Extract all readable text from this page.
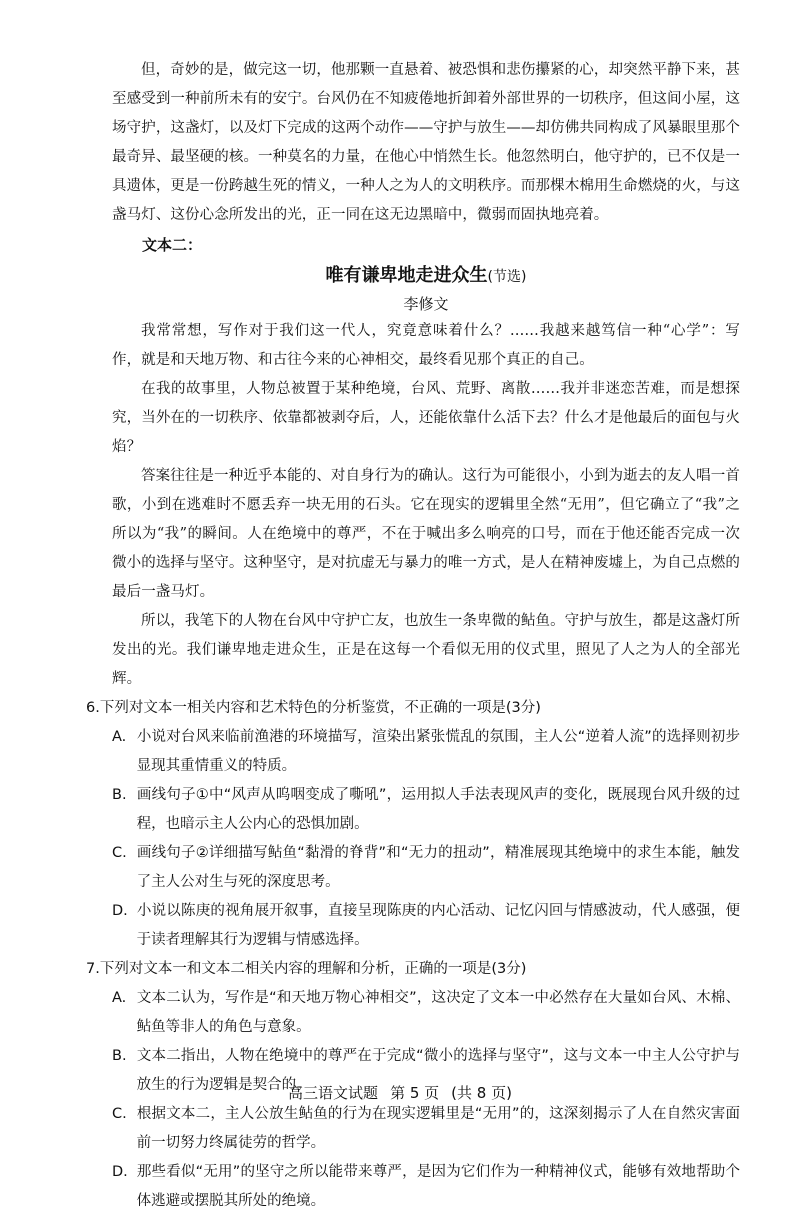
但，奇妙的是，做完这一切，他那颗一直悬着、被恐惧和悲伤攥紧的心，却突然平静下来，甚至感受到一种前所未有的安宁。台风仍在不知疲倦地折卸着外部世界的一切秩序，但这间小屋，这场守护，这盏灯，以及灯下完成的这两个动作——守护与放生——却仿佛共同构成了风暴眼里那个最奇异、最坚硬的核。一种莫名的力量，在他心中悄然生长。他忽然明白，他守护的，已不仅是一具遗体，更是一份跨越生死的情义，一种人之为人的文明秩序。而那棵木棉用生命燃烧的火，与这盏马灯、这份心念所发出的光，正一同在这无边黑暗中，微弱而固执地亮着。

文本二：

唯有谦卑地走进众生(节选)

李修文

我常常想，写作对于我们这一代人，究竟意味着什么？……我越来越笃信一种“心学”：写作，就是和天地万物、和古往今来的心神相交，最终看见那个真正的自己。

在我的故事里，人物总被置于某种绝境，台风、荒野、离散……我并非迷恋苦难，而是想探究，当外在的一切秩序、依靠都被剥夺后，人，还能依靠什么活下去？什么才是他最后的面包与火焰？

答案往往是一种近乎本能的、对自身行为的确认。这行为可能很小，小到为逝去的友人唱一首歌，小到在逃难时不愿丢弃一块无用的石头。它在现实的逻辑里全然“无用”，但它确立了“我”之所以为“我”的瞬间。人在绝境中的尊严，不在于喊出多么响亮的口号，而在于他还能否完成一次微小的选择与坚守。这种坚守，是对抗虚无与暴力的唯一方式，是人在精神废墟上，为自己点燃的最后一盏马灯。

所以，我笔下的人物在台风中守护亡友，也放生一条卑微的鲇鱼。守护与放生，都是这盏灯所发出的光。我们谦卑地走进众生，正是在这每一个看似无用的仪式里，照见了人之为人的全部光辉。

6.下列对文本一相关内容和艺术特色的分析鉴赏，不正确的一项是(3分)

A. 小说对台风来临前渔港的环境描写，渲染出紧张慌乱的氛围，主人公“逆着人流”的选择则初步显现其重情重义的特质。

B. 画线句子①中“风声从呜咽变成了嘶吼”，运用拟人手法表现风声的变化，既展现台风升级的过程，也暗示主人公内心的恐惧加剧。

C. 画线句子②详细描写鲇鱼“黏滑的脊背”和“无力的扭动”，精准展现其绝境中的求生本能，触发了主人公对生与死的深度思考。

D. 小说以陈庚的视角展开叙事，直接呈现陈庚的内心活动、记忆闪回与情感波动，代人感强，便于读者理解其行为逻辑与情感选择。

7.下列对文本一和文本二相关内容的理解和分析，正确的一项是(3分)

A. 文本二认为，写作是“和天地万物心神相交”，这决定了文本一中必然存在大量如台风、木棉、鲇鱼等非人的角色与意象。

B. 文本二指出，人物在绝境中的尊严在于完成“微小的选择与坚守”，这与文本一中主人公守护与放生的行为逻辑是契合的。

C. 根据文本二，主人公放生鲇鱼的行为在现实逻辑里是“无用”的，这深刻揭示了人在自然灾害面前一切努力终属徒劳的哲学。

D. 那些看似“无用”的坚守之所以能带来尊严，是因为它们作为一种精神仪式，能够有效地帮助个体逃避或摆脱其所处的绝境。

高三语文试题 第 5 页 (共 8 页)
